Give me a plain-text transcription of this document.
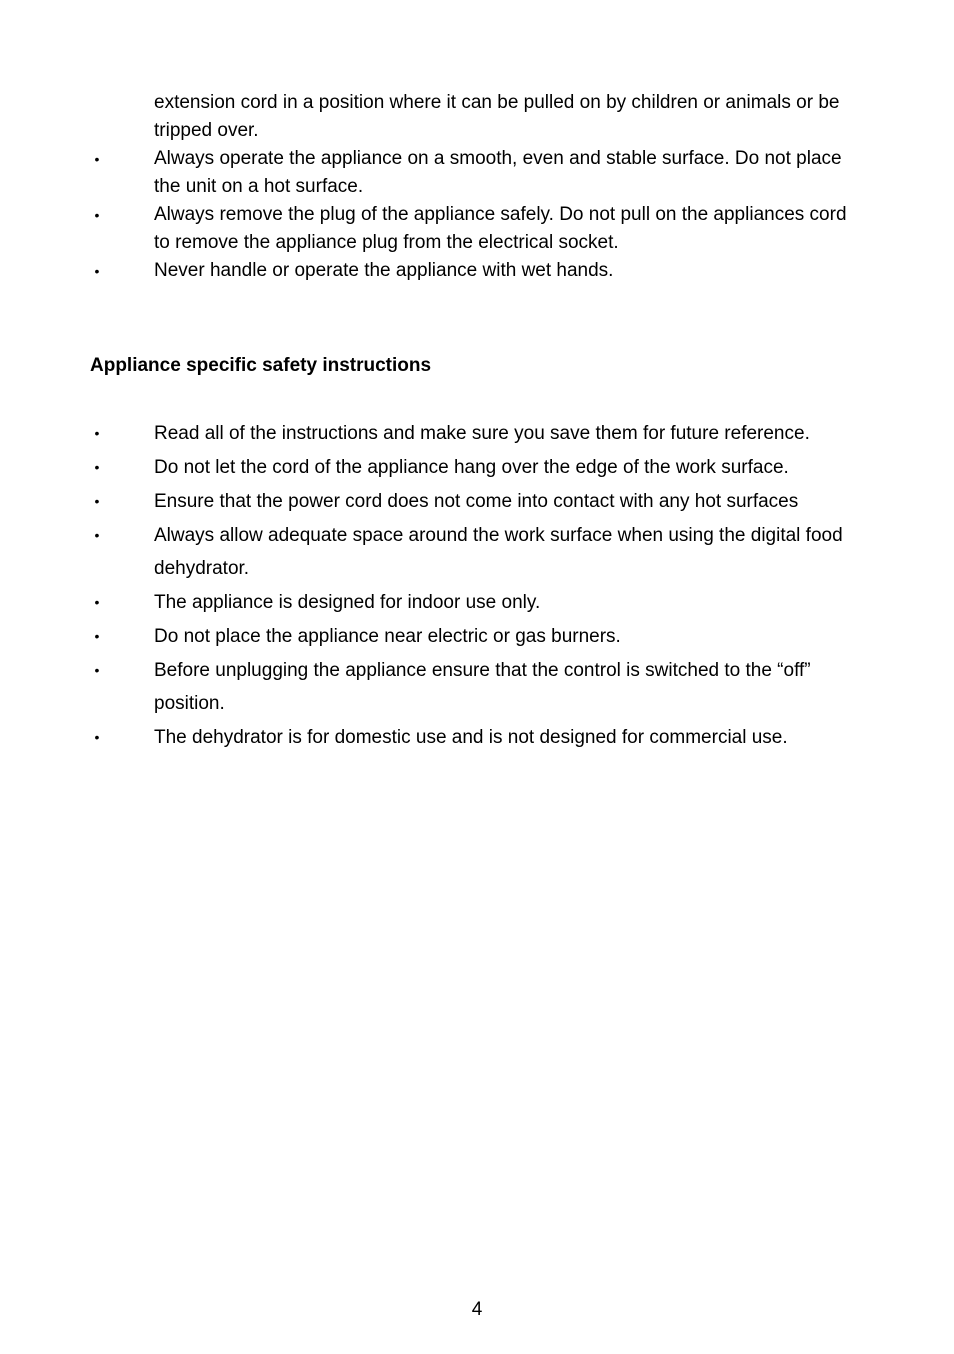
extension cord in a position where it can be pulled on by children or animals or be tripped over.
•	Always operate the appliance on a smooth, even and stable surface. Do not place the unit on a hot surface.
•	Always remove the plug of the appliance safely. Do not pull on the appliances cord to remove the appliance plug from the electrical socket.
•	Never handle or operate the appliance with wet hands.
Appliance specific safety instructions
•	Read all of the instructions and make sure you save them for future reference.
•	Do not let the cord of the appliance hang over the edge of the work surface.
•	Ensure that the power cord does not come into contact with any hot surfaces
•	Always allow adequate space around the work surface when using the digital food dehydrator.
•	The appliance is designed for indoor use only.
•	Do not place the appliance near electric or gas burners.
•	Before unplugging the appliance ensure that the control is switched to the “off” position.
•	The dehydrator is for domestic use and is not designed for commercial use.
4
